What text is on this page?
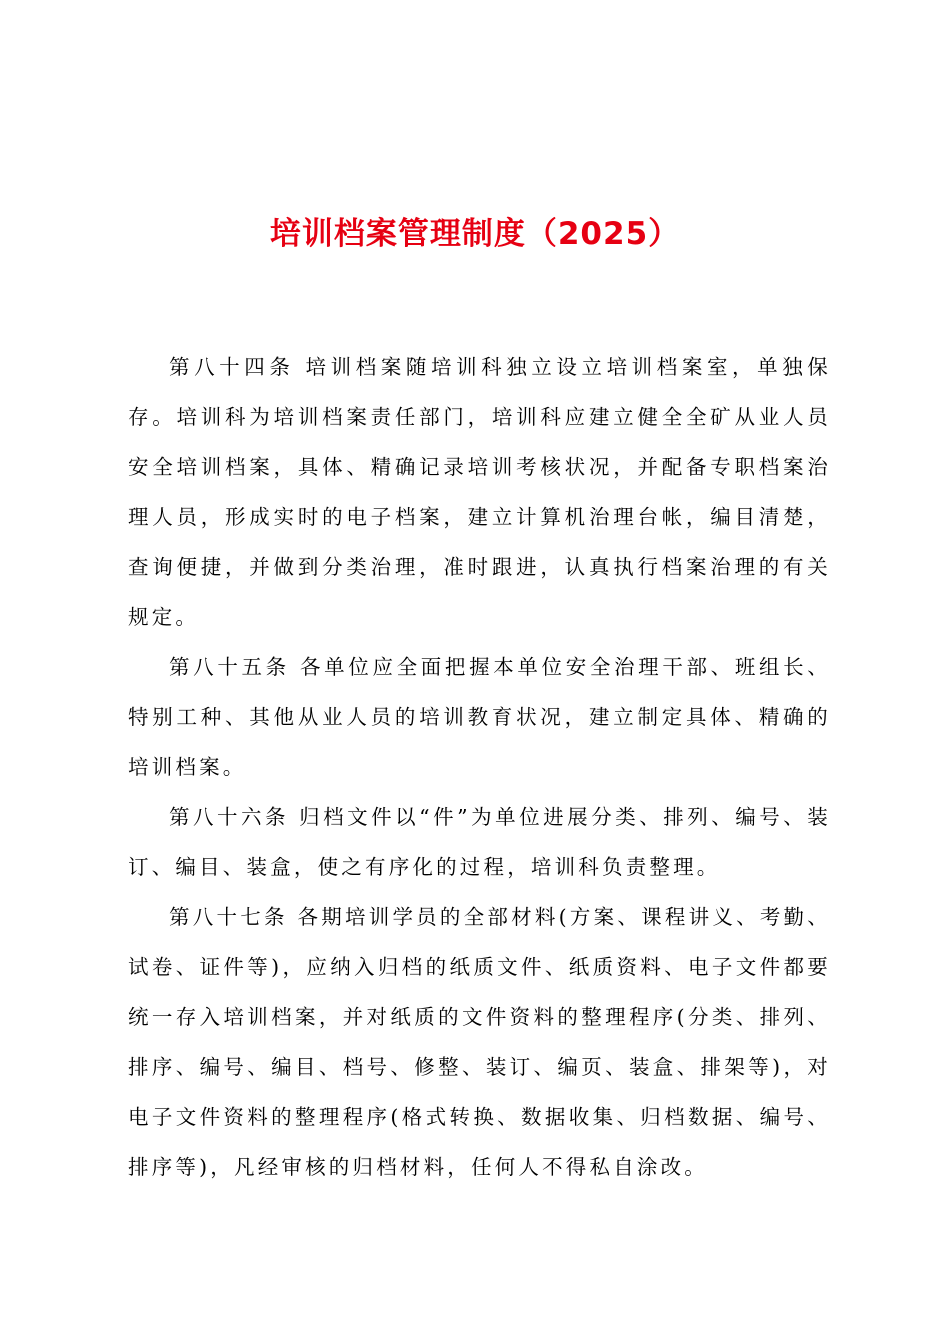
培训档案管理制度（2025）

第八十四条 培训档案随培训科独立设立培训档案室，单独保存。培训科为培训档案责任部门，培训科应建立健全全矿从业人员安全培训档案，具体、精确记录培训考核状况，并配备专职档案治理人员，形成实时的电子档案，建立计算机治理台帐，编目清楚，查询便捷，并做到分类治理，准时跟进，认真执行档案治理的有关规定。

第八十五条 各单位应全面把握本单位安全治理干部、班组长、特别工种、其他从业人员的培训教育状况，建立制定具体、精确的培训档案。

第八十六条 归档文件以“件”为单位进展分类、排列、编号、装订、编目、装盒，使之有序化的过程，培训科负责整理。

第八十七条 各期培训学员的全部材料(方案、课程讲义、考勤、试卷、证件等)，应纳入归档的纸质文件、纸质资料、电子文件都要统一存入培训档案，并对纸质的文件资料的整理程序(分类、排列、排序、编号、编目、档号、修整、装订、编页、装盒、排架等)，对电子文件资料的整理程序(格式转换、数据收集、归档数据、编号、排序等)，凡经审核的归档材料，任何人不得私自涂改。
